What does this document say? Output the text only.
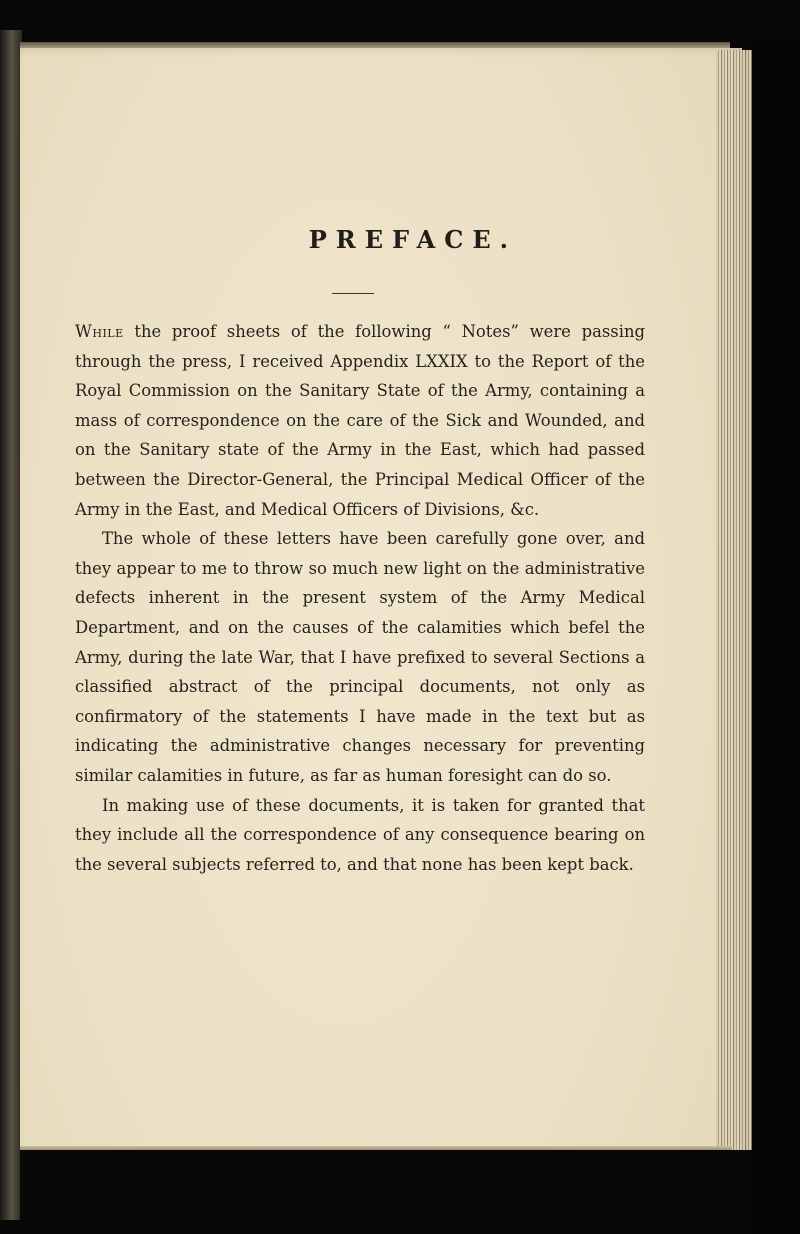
PREFACE.

While the proof sheets of the following “ Notes” were passing through the press, I received Appendix LXXIX to the Report of the Royal Commission on the Sanitary State of the Army, containing a mass of correspondence on the care of the Sick and Wounded, and on the Sanitary state of the Army in the East, which had passed between the Director-General, the Principal Medical Officer of the Army in the East, and Medical Officers of Divisions, &c.

The whole of these letters have been carefully gone over, and they appear to me to throw so much new light on the administrative defects inherent in the present system of the Army Medical Department, and on the causes of the calamities which befel the Army, during the late War, that I have prefixed to several Sections a classified abstract of the principal documents, not only as confirmatory of the statements I have made in the text but as indicating the administrative changes necessary for preventing similar calamities in future, as far as human foresight can do so.

In making use of these documents, it is taken for granted that they include all the correspondence of any consequence bearing on the several subjects referred to, and that none has been kept back.
